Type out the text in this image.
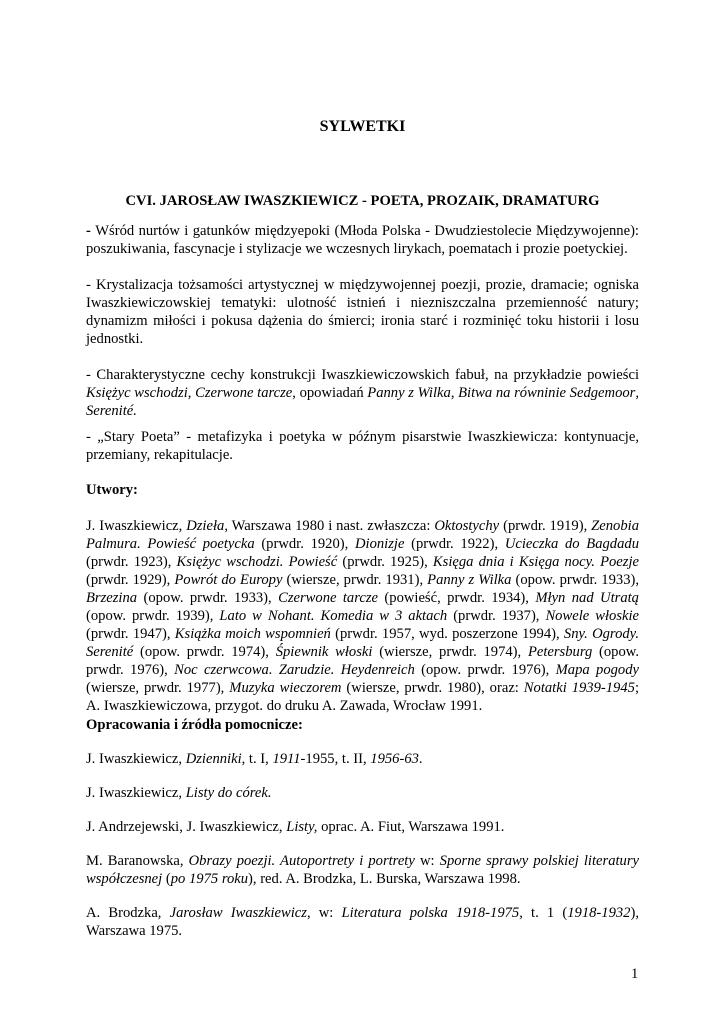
SYLWETKI
CVI. JAROSŁAW IWASZKIEWICZ - POETA, PROZAIK, DRAMATURG

- Wśród nurtów i gatunków międzyepoki (Młoda Polska - Dwudziestolecie Międzywojenne): poszukiwania, fascynacje i stylizacje we wczesnych lirykach, poematach i prozie poetyckiej.

- Krystalizacja tożsamości artystycznej w międzywojennej poezji, prozie, dramacie; ogniska Iwaszkiewiczowskiej tematyki: ulotność istnień i niezniszczalna przemienność natury; dynamizm miłości i pokusa dążenia do śmierci; ironia starć i rozminięć toku historii i losu jednostki.

- Charakterystyczne cechy konstrukcji Iwaszkiewiczowskich fabuł, na przykładzie powieści Księżyc wschodzi, Czerwone tarcze, opowiadań Panny z Wilka, Bitwa na równinie Sedgemoor, Serenité.

- „Stary Poeta” - metafizyka i poetyka w późnym pisarstwie Iwaszkiewicza: kontynuacje, przemiany, rekapitulacje.

Utwory:

J. Iwaszkiewicz, Dzieła, Warszawa 1980 i nast. zwłaszcza: Oktostychy (prwdr. 1919), Zenobia Palmura. Powieść poetycka (prwdr. 1920), Dionizje (prwdr. 1922), Ucieczka do Bagdadu (prwdr. 1923), Księżyc wschodzi. Powieść (prwdr. 1925), Księga dnia i Księga nocy. Poezje (prwdr. 1929), Powrót do Europy (wiersze, prwdr. 1931), Panny z Wilka (opow. prwdr. 1933), Brzezina (opow. prwdr. 1933), Czerwone tarcze (powieść, prwdr. 1934), Młyn nad Utratą (opow. prwdr. 1939), Lato w Nohant. Komedia w 3 aktach (prwdr. 1937), Nowele włoskie (prwdr. 1947), Książka moich wspomnień (prwdr. 1957, wyd. poszerzone 1994), Sny. Ogrody. Serenité (opow. prwdr. 1974), Śpiewnik włoski (wiersze, prwdr. 1974), Petersburg (opow. prwdr. 1976), Noc czerwcowa. Zarudzie. Heydenreich (opow. prwdr. 1976), Mapa pogody (wiersze, prwdr. 1977), Muzyka wieczorem (wiersze, prwdr. 1980), oraz: Notatki 1939-1945; A. Iwaszkiewiczowa, przygot. do druku A. Zawada, Wrocław 1991.

Opracowania i źródła pomocnicze:

J. Iwaszkiewicz, Dzienniki, t. I, 1911-1955, t. II, 1956-63.

J. Iwaszkiewicz, Listy do córek.

J. Andrzejewski, J. Iwaszkiewicz, Listy, oprac. A. Fiut, Warszawa 1991.

M. Baranowska, Obrazy poezji. Autoportrety i portrety w: Sporne sprawy polskiej literatury współczesnej (po 1975 roku), red. A. Brodzka, L. Burska, Warszawa 1998.

A. Brodzka, Jarosław Iwaszkiewicz, w: Literatura polska 1918-1975, t. 1 (1918-1932), Warszawa 1975.

1
